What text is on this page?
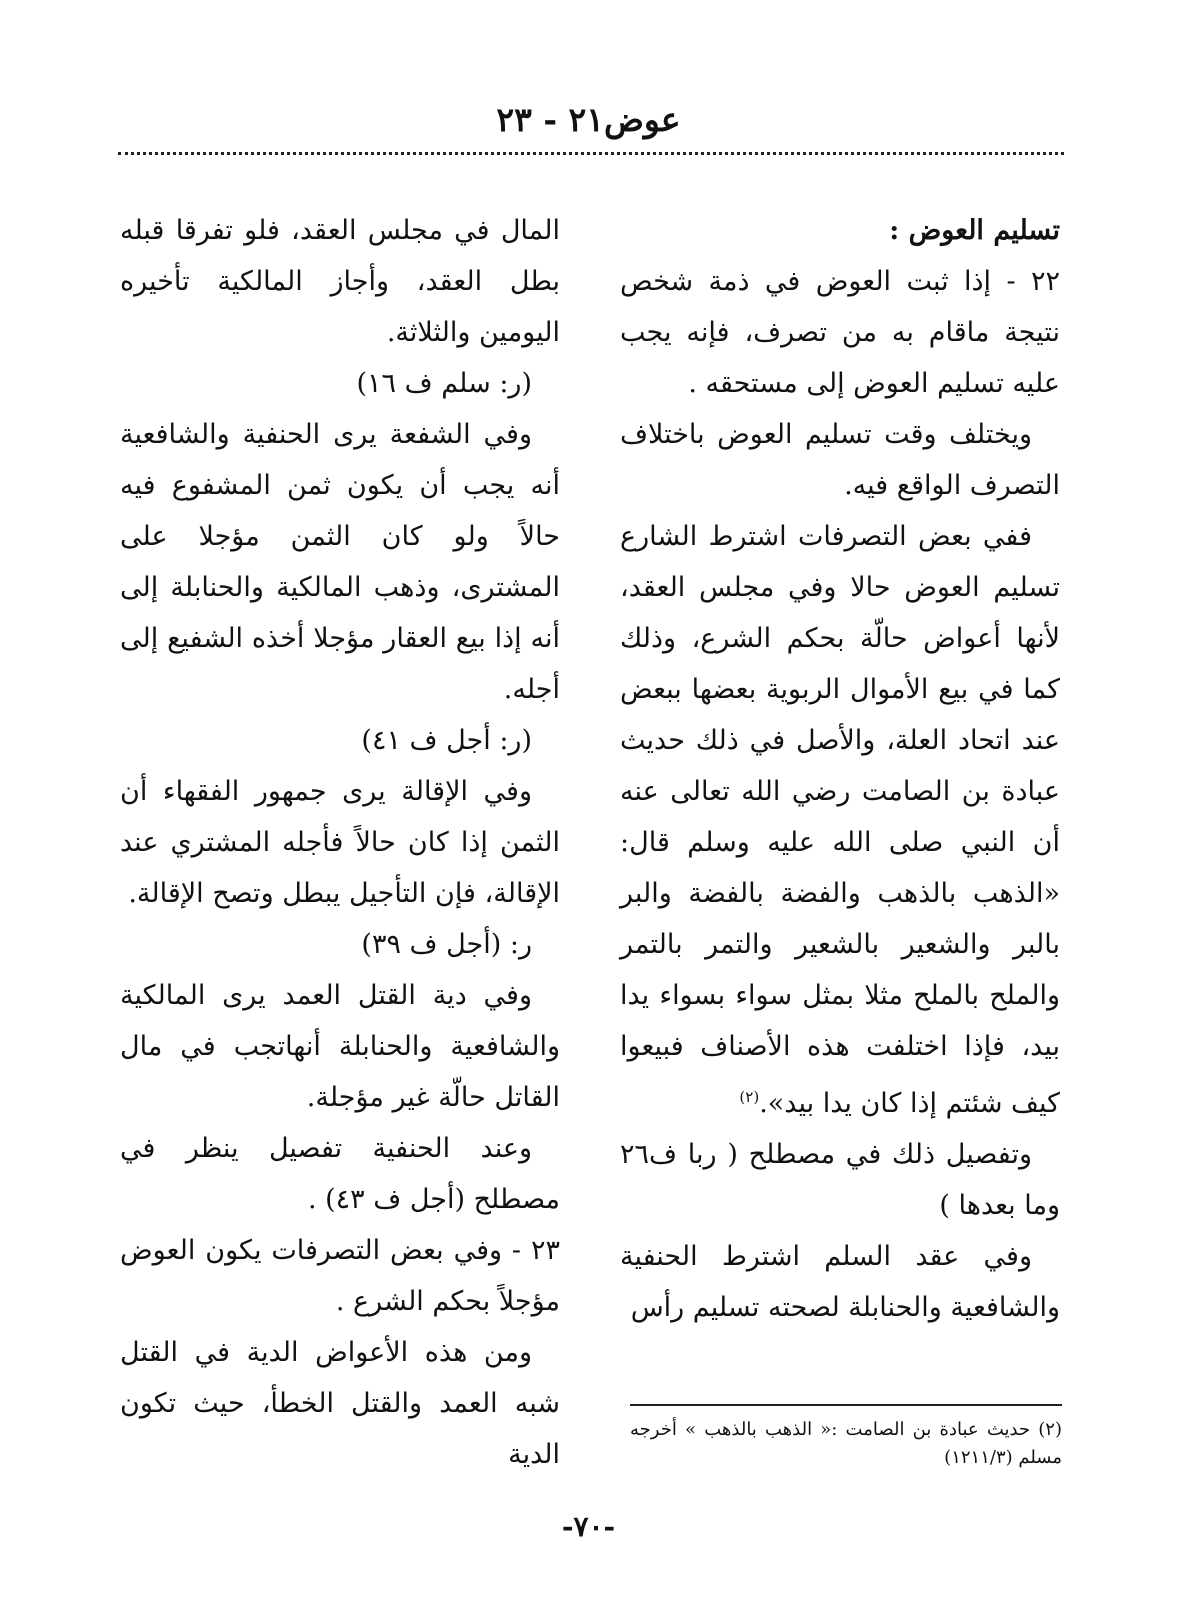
عوض٢١ - ٢٣

تسليم العوض :

٢٢ - إذا ثبت العوض في ذمة شخص نتيجة ماقام به من تصرف، فإنه يجب عليه تسليم العوض إلى مستحقه .

ويختلف وقت تسليم العوض باختلاف التصرف الواقع فيه.

ففي بعض التصرفات اشترط الشارع تسليم العوض حالا وفي مجلس العقد، لأنها أعواض حالّة بحكم الشرع، وذلك كما في بيع الأموال الربوية بعضها ببعض عند اتحاد العلة، والأصل في ذلك حديث عبادة بن الصامت رضي الله تعالى عنه أن النبي صلى الله عليه وسلم قال: «الذهب بالذهب والفضة بالفضة والبر بالبر والشعير بالشعير والتمر بالتمر والملح بالملح مثلا بمثل سواء بسواء يدا بيد، فإذا اختلفت هذه الأصناف فبيعوا كيف شئتم إذا كان يدا بيد».$^{(٢)}$

وتفصيل ذلك في مصطلح ( ربا ف٢٦ وما بعدها )

وفي عقد السلم اشترط الحنفية والشافعية والحنابلة لصحته تسليم رأس

المال في مجلس العقد، فلو تفرقا قبله بطل العقد، وأجاز المالكية تأخيره اليومين والثلاثة.

(ر: سلم ف ١٦)

وفي الشفعة يرى الحنفية والشافعية أنه يجب أن يكون ثمن المشفوع فيه حالاً ولو كان الثمن مؤجلا على المشترى، وذهب المالكية والحنابلة إلى أنه إذا بيع العقار مؤجلا أخذه الشفيع إلى أجله.

(ر: أجل ف ٤١)

وفي الإقالة يرى جمهور الفقهاء أن الثمن إذا كان حالاً فأجله المشتري عند الإقالة، فإن التأجيل يبطل وتصح الإقالة.

ر: (أجل ف ٣٩)

وفي دية القتل العمد يرى المالكية والشافعية والحنابلة أنهاتجب في مال القاتل حالّة غير مؤجلة.

وعند الحنفية تفصيل ينظر في مصطلح (أجل ف ٤٣) .

٢٣ - وفي بعض التصرفات يكون العوض مؤجلاً بحكم الشرع .

ومن هذه الأعواض الدية في القتل شبه العمد والقتل الخطأ، حيث تكون الدية

(٢) حديث عبادة بن الصامت :« الذهب بالذهب » أخرجه مسلم (١٢١١/٣)

-٧٠-
